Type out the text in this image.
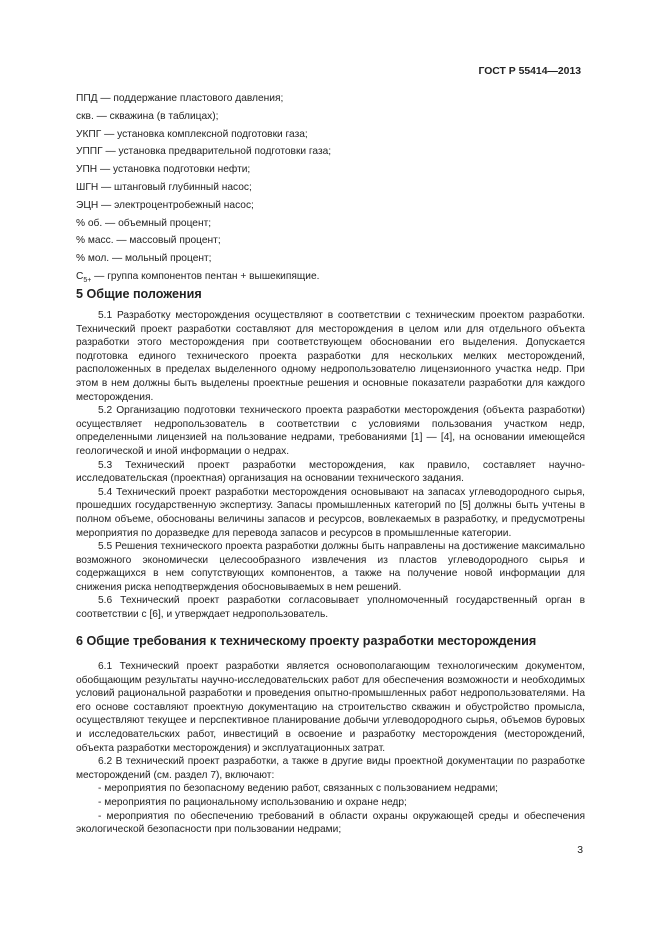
ГОСТ Р 55414—2013
ППД — поддержание пластового давления;
скв. — скважина (в таблицах);
УКПГ — установка комплексной подготовки газа;
УППГ — установка предварительной подготовки газа;
УПН — установка подготовки нефти;
ШГН — штанговый глубинный насос;
ЭЦН — электроцентробежный насос;
% об. — объемный процент;
% масс. — массовый процент;
% мол. — мольный процент;
$C_{5+}$ — группа компонентов пентан + вышекипящие.
5 Общие положения

5.1 Разработку месторождения осуществляют в соответствии с техническим проектом разработки. Технический проект разработки составляют для месторождения в целом или для отдельного объекта разработки этого месторождения при соответствующем обосновании его выделения. Допускается подготовка единого технического проекта разработки для нескольких мелких месторождений, расположенных в пределах выделенного одному недропользователю лицензионного участка недр. При этом в нем должны быть выделены проектные решения и основные показатели разработки для каждого месторождения.

5.2 Организацию подготовки технического проекта разработки месторождения (объекта разработки) осуществляет недропользователь в соответствии с условиями пользования участком недр, определенными лицензией на пользование недрами, требованиями [1] — [4], на основании имеющейся геологической и иной информации о недрах.

5.3 Технический проект разработки месторождения, как правило, составляет научно-исследовательская (проектная) организация на основании технического задания.

5.4 Технический проект разработки месторождения основывают на запасах углеводородного сырья, прошедших государственную экспертизу. Запасы промышленных категорий по [5] должны быть учтены в полном объеме, обоснованы величины запасов и ресурсов, вовлекаемых в разработку, и предусмотрены мероприятия по доразведке для перевода запасов и ресурсов в промышленные категории.

5.5 Решения технического проекта разработки должны быть направлены на достижение максимально возможного экономически целесообразного извлечения из пластов углеводородного сырья и содержащихся в нем сопутствующих компонентов, а также на получение новой информации для снижения риска неподтверждения обосновываемых в нем решений.

5.6 Технический проект разработки согласовывает уполномоченный государственный орган в соответствии с [6], и утверждает недропользователь.

6 Общие требования к техническому проекту разработки месторождения

6.1 Технический проект разработки является основополагающим технологическим документом, обобщающим результаты научно-исследовательских работ для обеспечения возможности и необходимых условий рациональной разработки и проведения опытно-промышленных работ недропользователями. На его основе составляют проектную документацию на строительство скважин и обустройство промысла, осуществляют текущее и перспективное планирование добычи углеводородного сырья, объемов буровых и исследовательских работ, инвестиций в освоение и разработку месторождения (месторождений, объекта разработки месторождения) и эксплуатационных затрат.

6.2 В технический проект разработки, а также в другие виды проектной документации по разработке месторождений (см. раздел 7), включают:

- мероприятия по безопасному ведению работ, связанных с пользованием недрами;

- мероприятия по рациональному использованию и охране недр;

- мероприятия по обеспечению требований в области охраны окружающей среды и обеспечения экологической безопасности при пользовании недрами;

3
